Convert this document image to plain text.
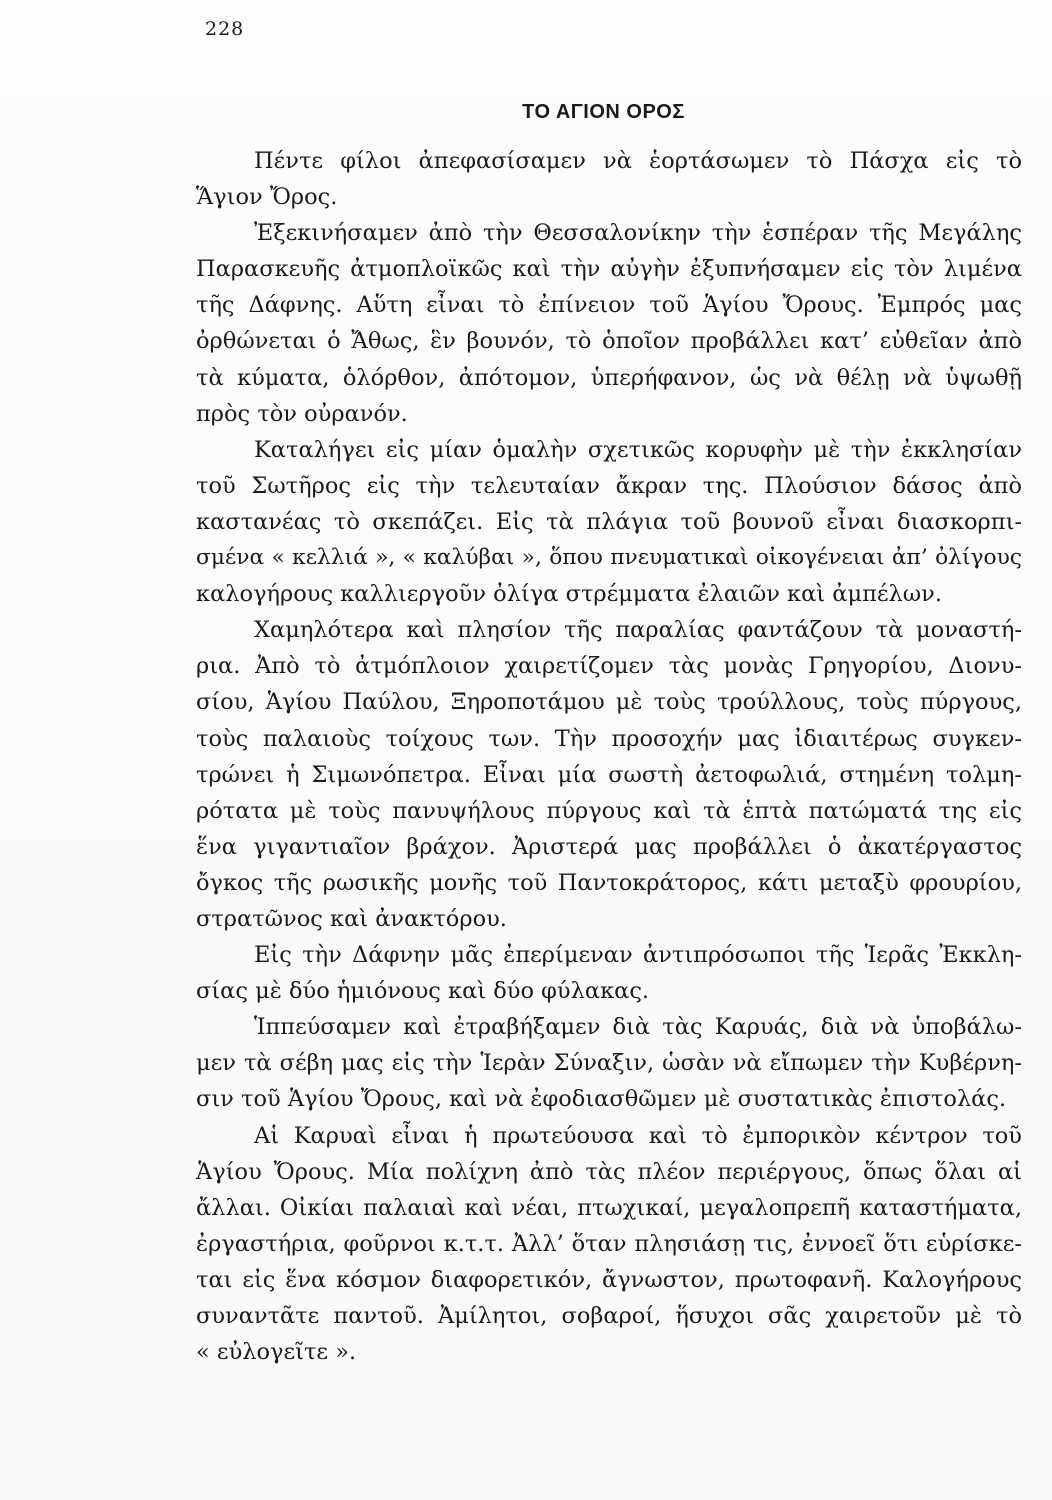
228
ΤΟ ΑΓΙΟΝ ΟΡΟΣ
Πέντε φίλοι ἀπεφασίσαμεν νὰ ἑορτάσωμεν τὸ Πάσχα εἰς τὸ
Ἅγιον Ὄρος.
Ἐξεκινήσαμεν ἀπὸ τὴν Θεσσαλονίκην τὴν ἑσπέραν τῆς Μεγάλης
Παρασκευῆς ἀτμοπλοϊκῶς καὶ τὴν αὐγὴν ἐξυπνήσαμεν εἰς τὸν λιμένα
τῆς Δάφνης. Αὕτη εἶναι τὸ ἐπίνειον τοῦ Ἁγίου Ὄρους. Ἐμπρός μας
ὀρθώνεται ὁ Ἄθως, ἓν βουνόν, τὸ ὁποῖον προβάλλει κατ’ εὐθεῖαν ἀπὸ
τὰ κύματα, ὁλόρθον, ἀπότομον, ὑπερήφανον, ὡς νὰ θέλῃ νὰ ὑψωθῇ
πρὸς τὸν οὐρανόν.
Καταλήγει εἰς μίαν ὁμαλὴν σχετικῶς κορυφὴν μὲ τὴν ἐκκλησίαν
τοῦ Σωτῆρος εἰς τὴν τελευταίαν ἄκραν της. Πλούσιον δάσος ἀπὸ
καστανέας τὸ σκεπάζει. Εἰς τὰ πλάγια τοῦ βουνοῦ εἶναι διασκορπι-
σμένα « κελλιά », « καλύβαι », ὅπου πνευματικαὶ οἰκογένειαι ἀπ’ ὀλίγους
καλογήρους καλλιεργοῦν ὀλίγα στρέμματα ἐλαιῶν καὶ ἀμπέλων.
Χαμηλότερα καὶ πλησίον τῆς παραλίας φαντάζουν τὰ μοναστή-
ρια. Ἀπὸ τὸ ἀτμόπλοιον χαιρετίζομεν τὰς μονὰς Γρηγορίου, Διονυ-
σίου, Ἁγίου Παύλου, Ξηροποτάμου μὲ τοὺς τρούλλους, τοὺς πύργους,
τοὺς παλαιοὺς τοίχους των. Τὴν προσοχήν μας ἰδιαιτέρως συγκεν-
τρώνει ἡ Σιμωνόπετρα. Εἶναι μία σωστὴ ἀετοφωλιά, στημένη τολμη-
ρότατα μὲ τοὺς πανυψήλους πύργους καὶ τὰ ἑπτὰ πατώματά της εἰς
ἕνα γιγαντιαῖον βράχον. Ἀριστερά μας προβάλλει ὁ ἀκατέργαστος
ὄγκος τῆς ρωσικῆς μονῆς τοῦ Παντοκράτορος, κάτι μεταξὺ φρουρίου,
στρατῶνος καὶ ἀνακτόρου.
Εἰς τὴν Δάφνην μᾶς ἐπερίμεναν ἀντιπρόσωποι τῆς Ἱερᾶς Ἐκκλη-
σίας μὲ δύο ἡμιόνους καὶ δύο φύλακας.
Ἱππεύσαμεν καὶ ἐτραβήξαμεν διὰ τὰς Καρυάς, διὰ νὰ ὑποβάλω-
μεν τὰ σέβη μας εἰς τὴν Ἱερὰν Σύναξιν, ὡσὰν νὰ εἴπωμεν τὴν Κυβέρνη-
σιν τοῦ Ἁγίου Ὄρους, καὶ νὰ ἐφοδιασθῶμεν μὲ συστατικὰς ἐπιστολάς.
Αἱ Καρυαὶ εἶναι ἡ πρωτεύουσα καὶ τὸ ἐμπορικὸν κέντρον τοῦ
Ἁγίου Ὄρους. Μία πολίχνη ἀπὸ τὰς πλέον περιέργους, ὅπως ὅλαι αἱ
ἄλλαι. Οἰκίαι παλαιαὶ καὶ νέαι, πτωχικαί, μεγαλοπρεπῆ καταστήματα,
ἐργαστήρια, φοῦρνοι κ.τ.τ. Ἀλλ’ ὅταν πλησιάσῃ τις, ἐννοεῖ ὅτι εὑρίσκε-
ται εἰς ἕνα κόσμον διαφορετικόν, ἄγνωστον, πρωτοφανῆ. Καλογήρους
συναντᾶτε παντοῦ. Ἀμίλητοι, σοβαροί, ἥσυχοι σᾶς χαιρετοῦν μὲ τὸ
« εὐλογεῖτε ».
